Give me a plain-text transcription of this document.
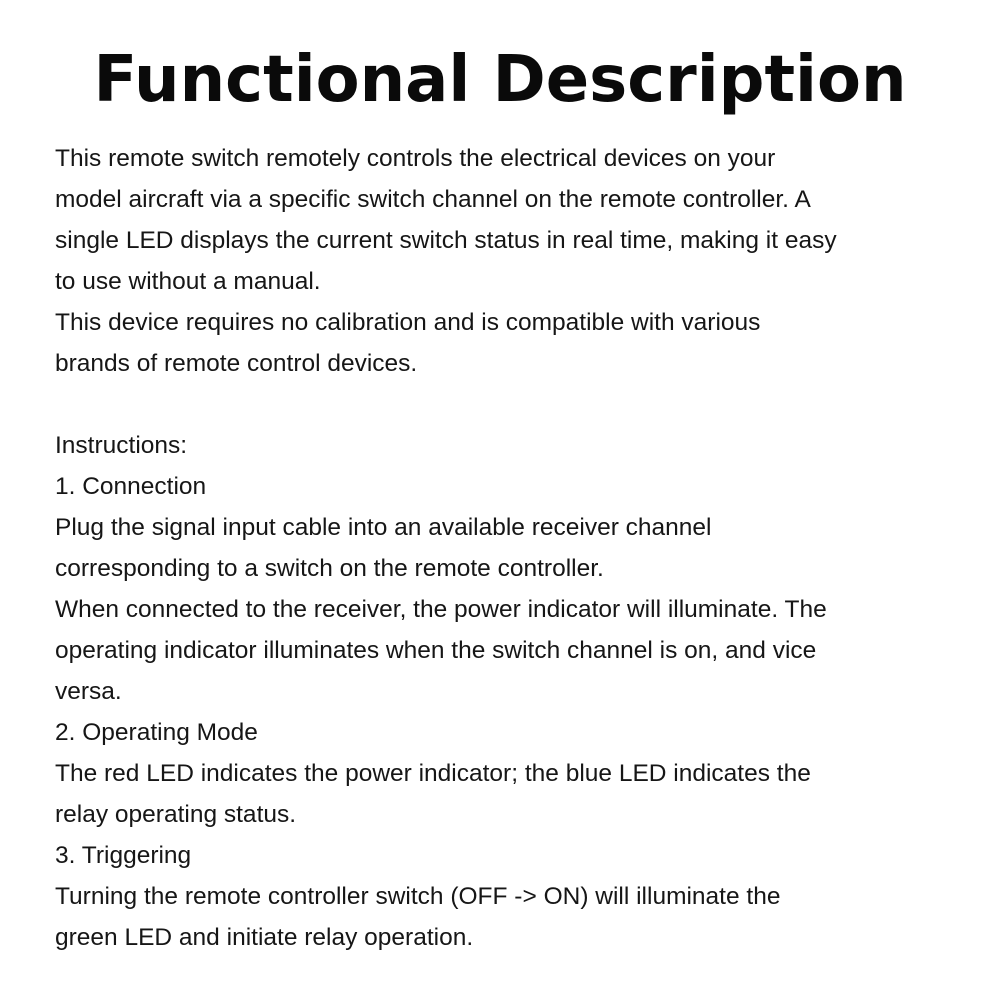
Functional Description
This remote switch remotely controls the electrical devices on your
model aircraft via a specific switch channel on the remote controller. A
single LED displays the current switch status in real time, making it easy
to use without a manual.
This device requires no calibration and is compatible with various
brands of remote control devices.
Instructions:
1. Connection
Plug the signal input cable into an available receiver channel
corresponding to a switch on the remote controller.
When connected to the receiver, the power indicator will illuminate. The
operating indicator illuminates when the switch channel is on, and vice
versa.
2. Operating Mode
The red LED indicates the power indicator; the blue LED indicates the
relay operating status.
3. Triggering
Turning the remote controller switch (OFF -> ON) will illuminate the
green LED and initiate relay operation.
